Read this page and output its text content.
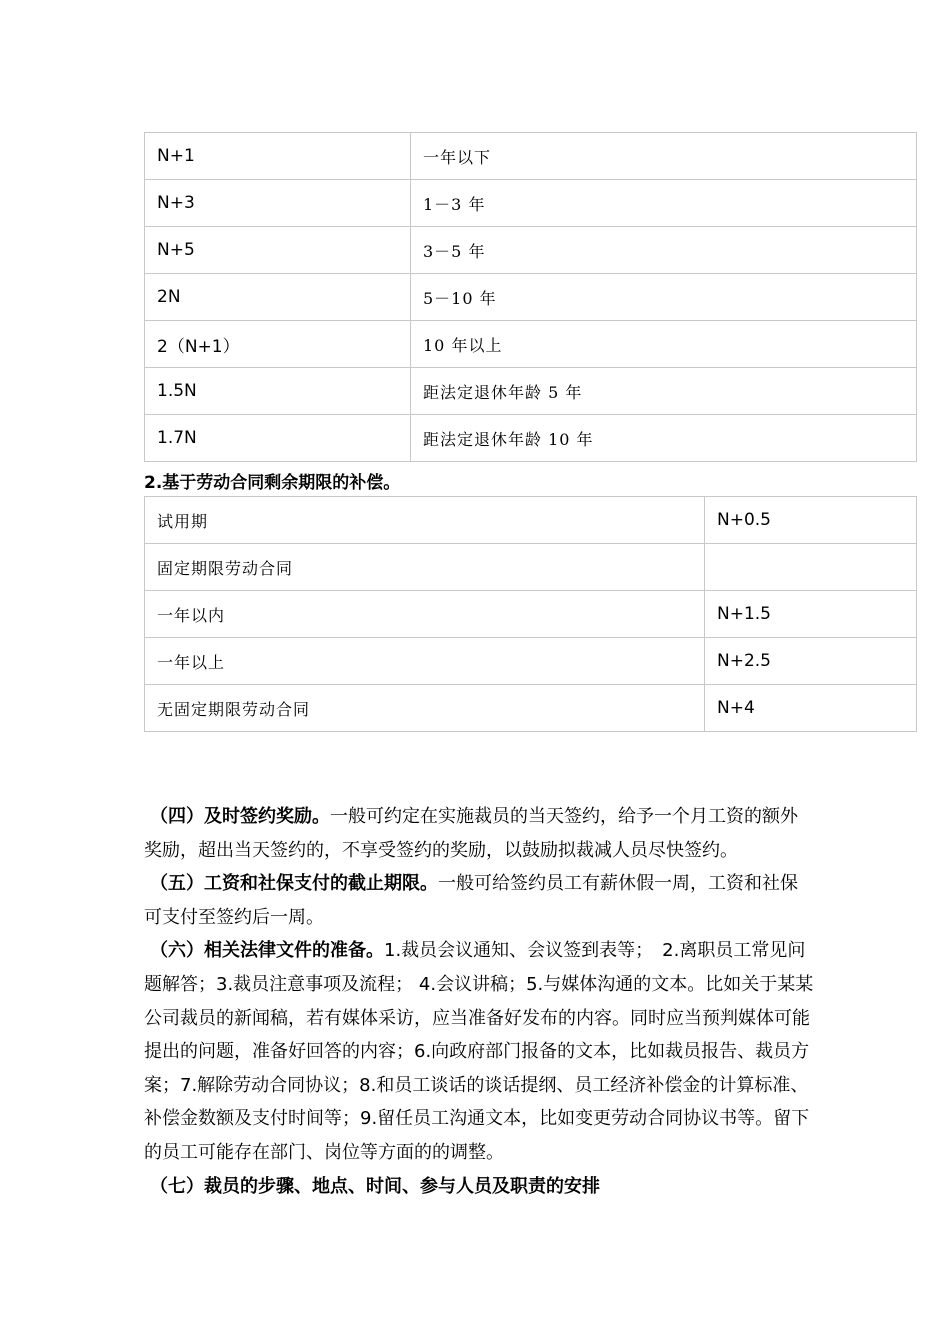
N+1	一年以下
N+3	1－3 年
N+5	3－5 年
2N	5－10 年
2（N+1）	10 年以上
1.5N	距法定退休年龄 5 年
1.7N	距法定退休年龄 10 年
2.基于劳动合同剩余期限的补偿。
试用期	N+0.5
固定期限劳动合同	
一年以内	N+1.5
一年以上	N+2.5
无固定期限劳动合同	N+4

（四）及时签约奖励。一般可约定在实施裁员的当天签约，给予一个月工资的额外奖励，超出当天签约的，不享受签约的奖励，以鼓励拟裁减人员尽快签约。

（五）工资和社保支付的截止期限。一般可给签约员工有薪休假一周，工资和社保可支付至签约后一周。

（六）相关法律文件的准备。1.裁员会议通知、会议签到表等；　2.离职员工常见问题解答；3.裁员注意事项及流程； 4.会议讲稿；5.与媒体沟通的文本。比如关于某某公司裁员的新闻稿，若有媒体采访，应当准备好发布的内容。同时应当预判媒体可能提出的问题，准备好回答的内容；6.向政府部门报备的文本，比如裁员报告、裁员方案；7.解除劳动合同协议；8.和员工谈话的谈话提纲、员工经济补偿金的计算标准、补偿金数额及支付时间等；9.留任员工沟通文本，比如变更劳动合同协议书等。留下的员工可能存在部门、岗位等方面的的调整。

（七）裁员的步骤、地点、时间、参与人员及职责的安排
